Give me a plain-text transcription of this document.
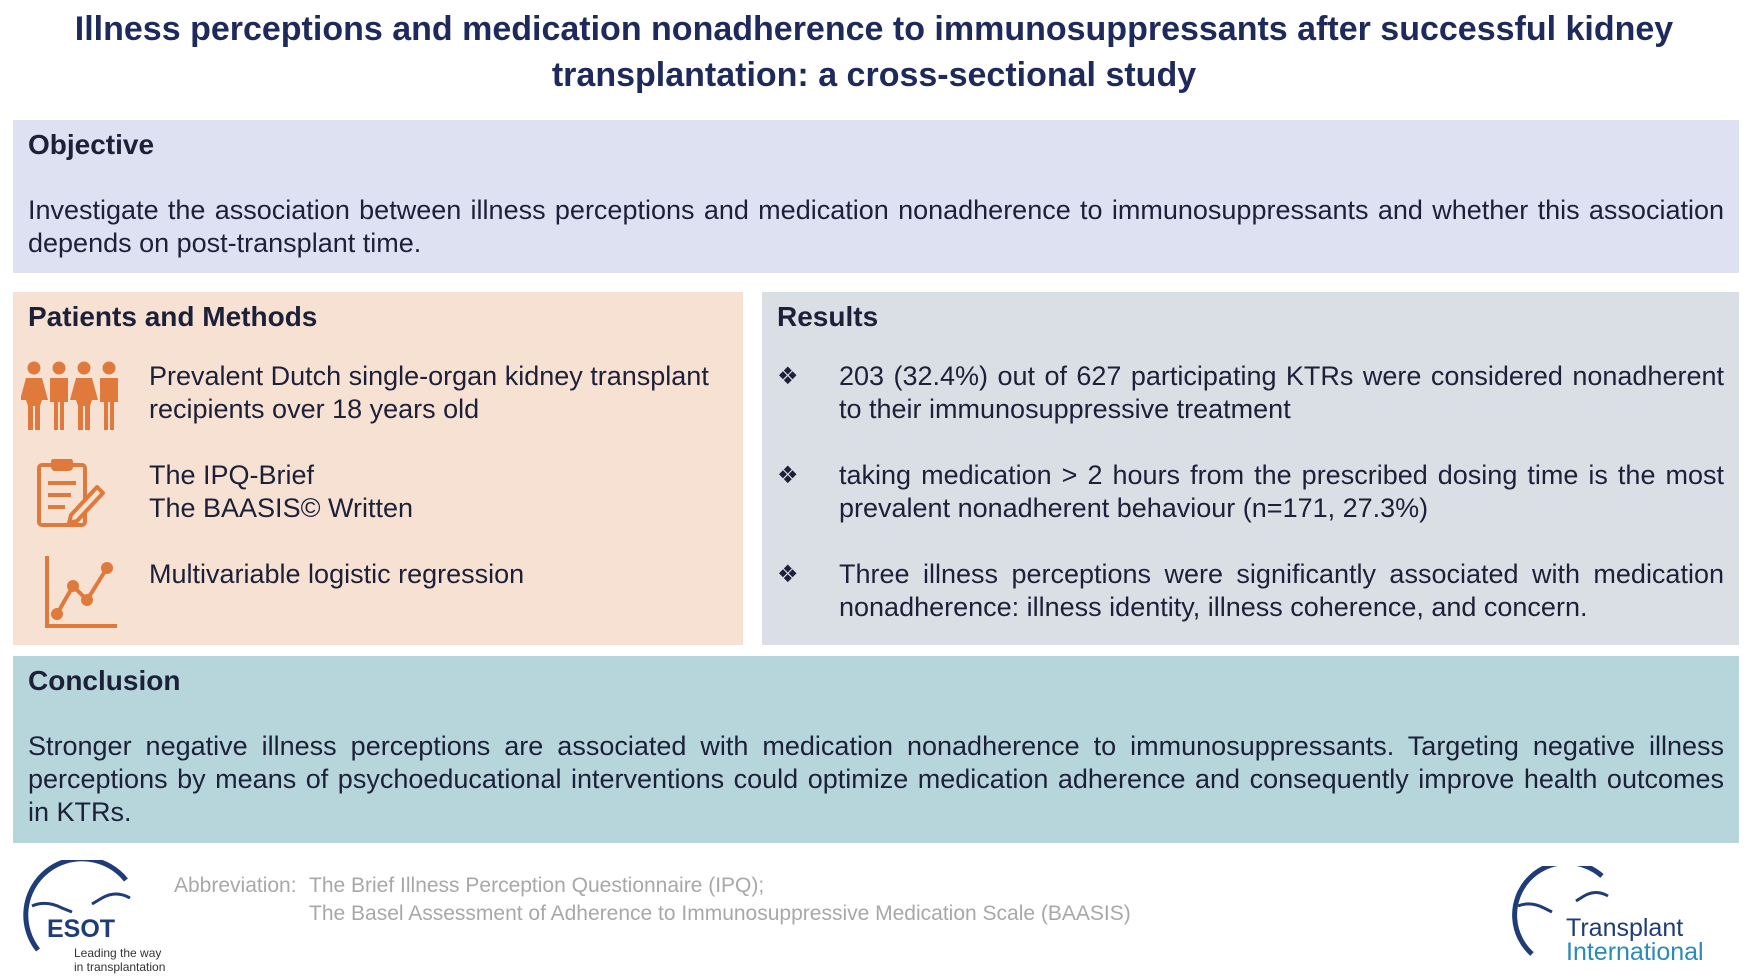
Illness perceptions and medication nonadherence to immunosuppressants after successful kidney
transplantation: a cross-sectional study
Objective
Investigate the association between illness perceptions and medication nonadherence to immunosuppressants and whether this association depends on post-transplant time.
Patients and Methods
Prevalent Dutch single-organ kidney transplant
recipients over 18 years old
The IPQ-Brief
The BAASIS© Written
Multivariable logistic regression
Results
❖ 203 (32.4%) out of 627 participating KTRs were considered nonadherent to their immunosuppressive treatment
❖ taking medication > 2 hours from the prescribed dosing time is the most prevalent nonadherent behaviour (n=171, 27.3%)
❖ Three illness perceptions were significantly associated with medication nonadherence: illness identity, illness coherence, and concern.
Conclusion
Stronger negative illness perceptions are associated with medication nonadherence to immunosuppressants. Targeting negative illness perceptions by means of psychoeducational interventions could optimize medication adherence and consequently improve health outcomes in KTRs.
ESOT
Leading the way
in transplantation
Abbreviation: The Brief Illness Perception Questionnaire (IPQ);
The Basel Assessment of Adherence to Immunosuppressive Medication Scale (BAASIS)
Transplant
International
